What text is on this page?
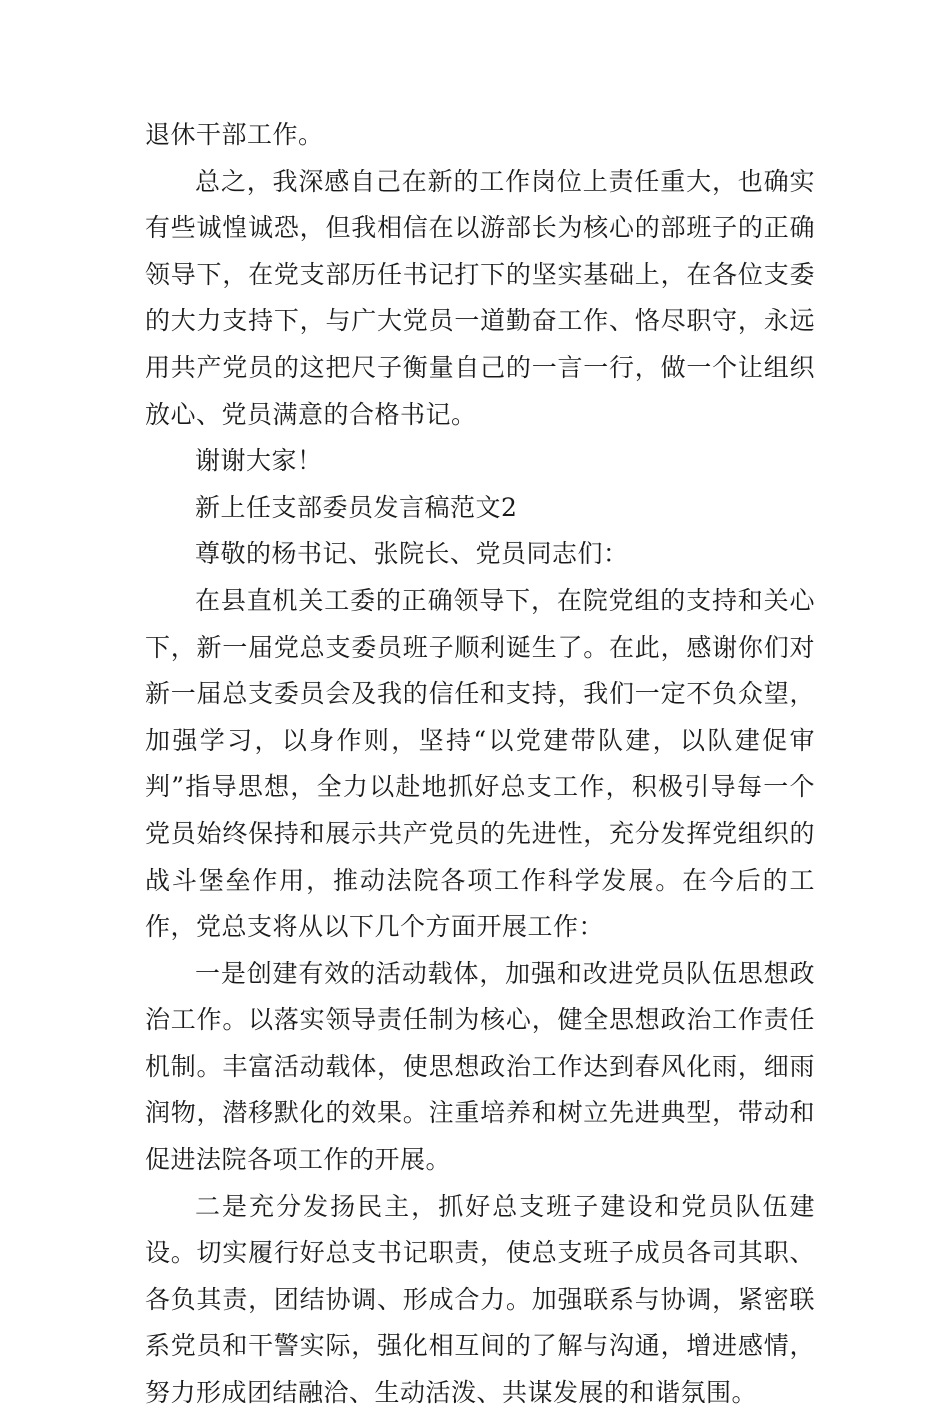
退休干部工作。

总之，我深感自己在新的工作岗位上责任重大，也确实有些诚惶诚恐，但我相信在以游部长为核心的部班子的正确领导下，在党支部历任书记打下的坚实基础上，在各位支委的大力支持下，与广大党员一道勤奋工作、恪尽职守，永远用共产党员的这把尺子衡量自己的一言一行，做一个让组织放心、党员满意的合格书记。

谢谢大家！

新上任支部委员发言稿范文2

尊敬的杨书记、张院长、党员同志们：

在县直机关工委的正确领导下，在院党组的支持和关心下，新一届党总支委员班子顺利诞生了。在此，感谢你们对新一届总支委员会及我的信任和支持，我们一定不负众望，加强学习，以身作则，坚持“以党建带队建，以队建促审判”指导思想，全力以赴地抓好总支工作，积极引导每一个党员始终保持和展示共产党员的先进性，充分发挥党组织的战斗堡垒作用，推动法院各项工作科学发展。在今后的工作，党总支将从以下几个方面开展工作：

一是创建有效的活动载体，加强和改进党员队伍思想政治工作。以落实领导责任制为核心，健全思想政治工作责任机制。丰富活动载体，使思想政治工作达到春风化雨，细雨润物，潜移默化的效果。注重培养和树立先进典型，带动和促进法院各项工作的开展。

二是充分发扬民主，抓好总支班子建设和党员队伍建设。切实履行好总支书记职责，使总支班子成员各司其职、各负其责，团结协调、形成合力。加强联系与协调，紧密联系党员和干警实际，强化相互间的了解与沟通，增进感情，努力形成团结融洽、生动活泼、共谋发展的和谐氛围。
